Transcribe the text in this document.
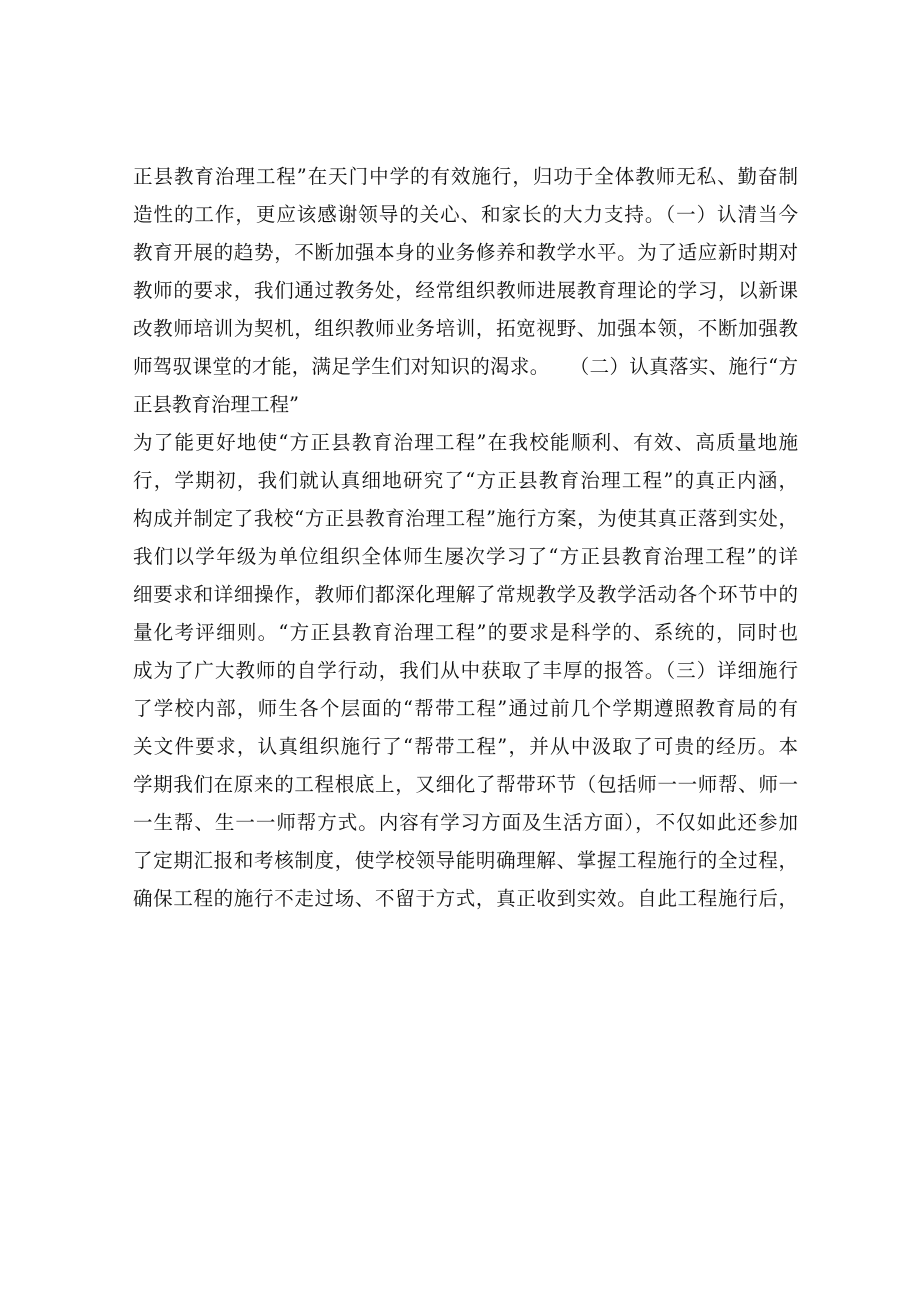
正县教育治理工程”在天门中学的有效施行，归功于全体教师无私、勤奋制
造性的工作，更应该感谢领导的关心、和家长的大力支持。（一）认清当今
教育开展的趋势，不断加强本身的业务修养和教学水平。为了适应新时期对
教师的要求，我们通过教务处，经常组织教师进展教育理论的学习，以新课
改教师培训为契机，组织教师业务培训，拓宽视野、加强本领，不断加强教
师驾驭课堂的才能，满足学生们对知识的渴求。　　（二）认真落实、施行“方
正县教育治理工程”
为了能更好地使“方正县教育治理工程”在我校能顺利、有效、高质量地施
行，学期初，我们就认真细地研究了“方正县教育治理工程”的真正内涵，
构成并制定了我校“方正县教育治理工程”施行方案，为使其真正落到实处，
我们以学年级为单位组织全体师生屡次学习了“方正县教育治理工程”的详
细要求和详细操作，教师们都深化理解了常规教学及教学活动各个环节中的
量化考评细则。“方正县教育治理工程”的要求是科学的、系统的，同时也
成为了广大教师的自学行动，我们从中获取了丰厚的报答。（三）详细施行
了学校内部，师生各个层面的“帮带工程”通过前几个学期遵照教育局的有
关文件要求，认真组织施行了“帮带工程”，并从中汲取了可贵的经历。本
学期我们在原来的工程根底上，又细化了帮带环节（包括师一一师帮、师一
一生帮、生一一师帮方式。内容有学习方面及生活方面），不仅如此还参加
了定期汇报和考核制度，使学校领导能明确理解、掌握工程施行的全过程，
确保工程的施行不走过场、不留于方式，真正收到实效。自此工程施行后，
